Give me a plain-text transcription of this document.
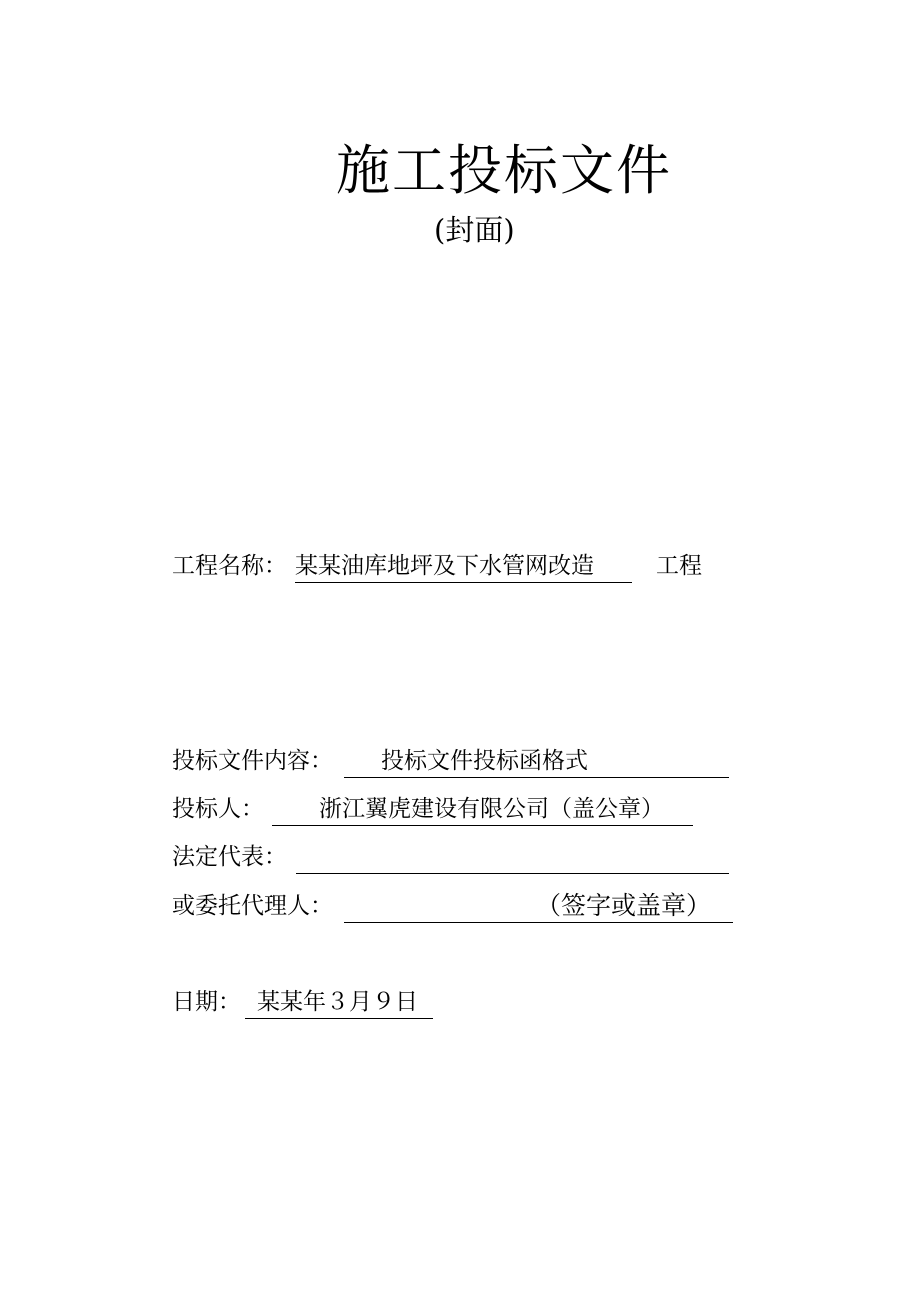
施工投标文件
(封面)
工程名称： 某某油库地坪及下水管网改造	工程
投标文件内容： 投标文件投标函格式
投标人： 浙江翼虎建设有限公司（盖公章）
法定代表：
或委托代理人：	（签字或盖章）
日期： 某某年３月９日
